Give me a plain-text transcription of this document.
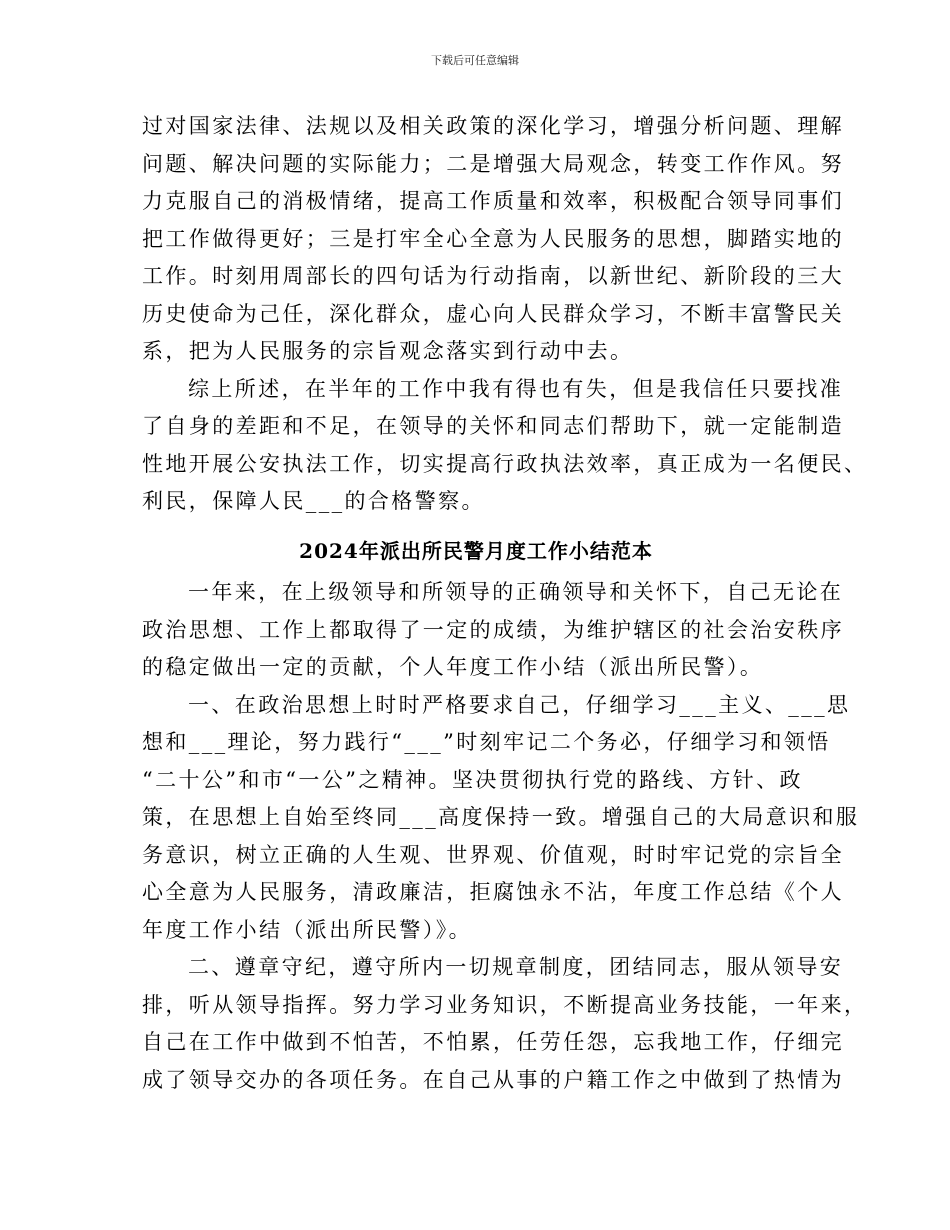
下载后可任意编辑
过对国家法律、法规以及相关政策的深化学习，增强分析问题、理解
问题、解决问题的实际能力；二是增强大局观念，转变工作作风。努
力克服自己的消极情绪，提高工作质量和效率，积极配合领导同事们
把工作做得更好；三是打牢全心全意为人民服务的思想，脚踏实地的
工作。时刻用周部长的四句话为行动指南，以新世纪、新阶段的三大
历史使命为己任，深化群众，虚心向人民群众学习，不断丰富警民关
系，把为人民服务的宗旨观念落实到行动中去。
综上所述，在半年的工作中我有得也有失，但是我信任只要找准
了自身的差距和不足，在领导的关怀和同志们帮助下，就一定能制造
性地开展公安执法工作，切实提高行政执法效率，真正成为一名便民、
利民，保障人民___的合格警察。
2024年派出所民警月度工作小结范本
一年来，在上级领导和所领导的正确领导和关怀下，自己无论在
政治思想、工作上都取得了一定的成绩，为维护辖区的社会治安秩序
的稳定做出一定的贡献，个人年度工作小结（派出所民警）。
一、在政治思想上时时严格要求自己，仔细学习___主义、___思
想和___理论，努力践行“___”时刻牢记二个务必，仔细学习和领悟
“二十公”和市“一公”之精神。坚决贯彻执行党的路线、方针、政
策，在思想上自始至终同___高度保持一致。增强自己的大局意识和服
务意识，树立正确的人生观、世界观、价值观，时时牢记党的宗旨全
心全意为人民服务，清政廉洁，拒腐蚀永不沾，年度工作总结《个人
年度工作小结（派出所民警）》。
二、遵章守纪，遵守所内一切规章制度，团结同志，服从领导安
排，听从领导指挥。努力学习业务知识，不断提高业务技能，一年来，
自己在工作中做到不怕苦，不怕累，任劳任怨，忘我地工作，仔细完
成了领导交办的各项任务。在自己从事的户籍工作之中做到了热情为
